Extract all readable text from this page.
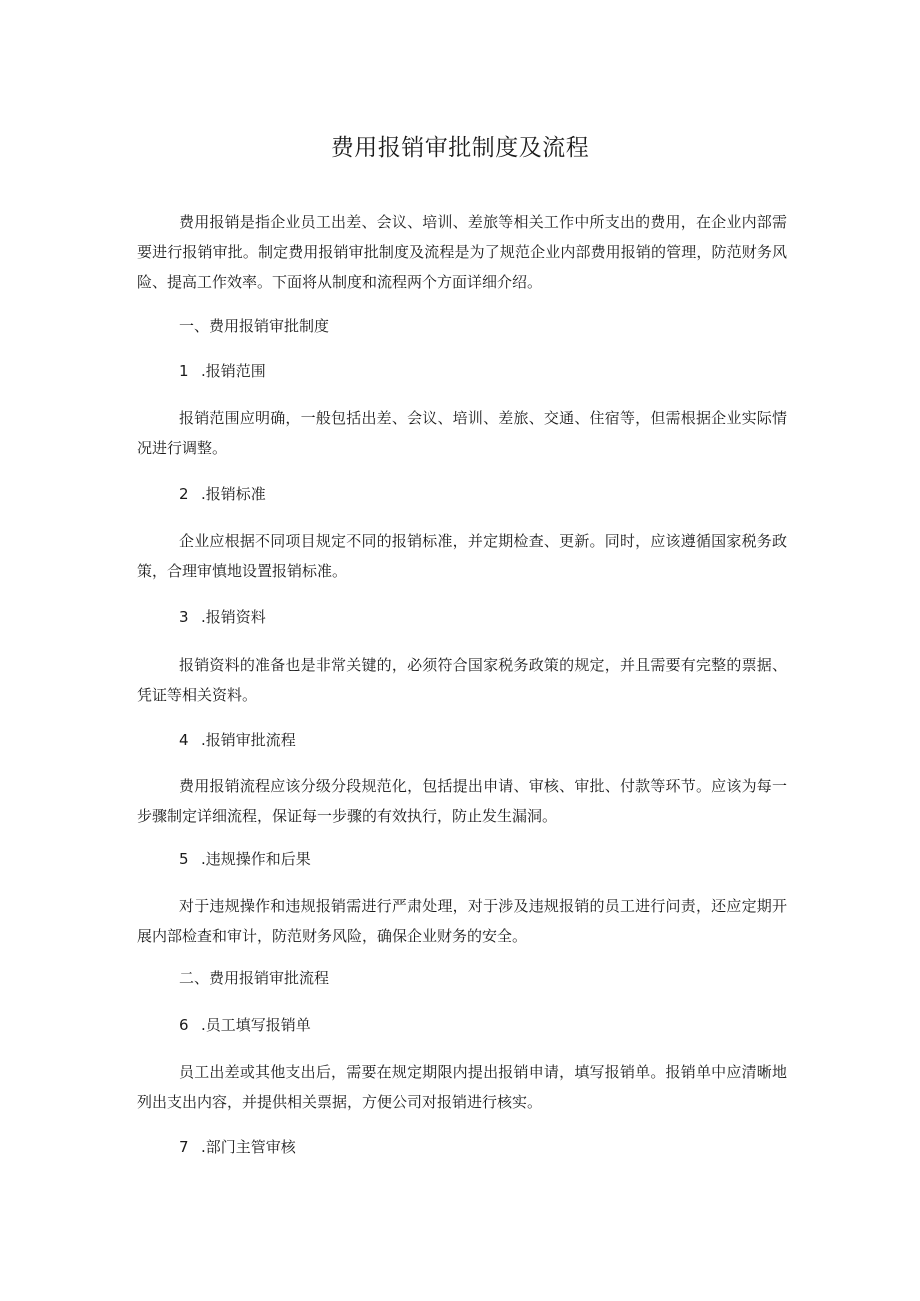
费用报销审批制度及流程
费用报销是指企业员工出差、会议、培训、差旅等相关工作中所支出的费用，在企业内部需要进行报销审批。制定费用报销审批制度及流程是为了规范企业内部费用报销的管理，防范财务风险、提高工作效率。下面将从制度和流程两个方面详细介绍。
一、费用报销审批制度
1 .报销范围
报销范围应明确，一般包括出差、会议、培训、差旅、交通、住宿等，但需根据企业实际情况进行调整。
2 .报销标准
企业应根据不同项目规定不同的报销标准，并定期检查、更新。同时，应该遵循国家税务政策，合理审慎地设置报销标准。
3 .报销资料
报销资料的准备也是非常关键的，必须符合国家税务政策的规定，并且需要有完整的票据、凭证等相关资料。
4 .报销审批流程
费用报销流程应该分级分段规范化，包括提出申请、审核、审批、付款等环节。应该为每一步骤制定详细流程，保证每一步骤的有效执行，防止发生漏洞。
5 .违规操作和后果
对于违规操作和违规报销需进行严肃处理，对于涉及违规报销的员工进行问责，还应定期开展内部检查和审计，防范财务风险，确保企业财务的安全。
二、费用报销审批流程
6 .员工填写报销单
员工出差或其他支出后，需要在规定期限内提出报销申请，填写报销单。报销单中应清晰地列出支出内容，并提供相关票据，方便公司对报销进行核实。
7 .部门主管审核
